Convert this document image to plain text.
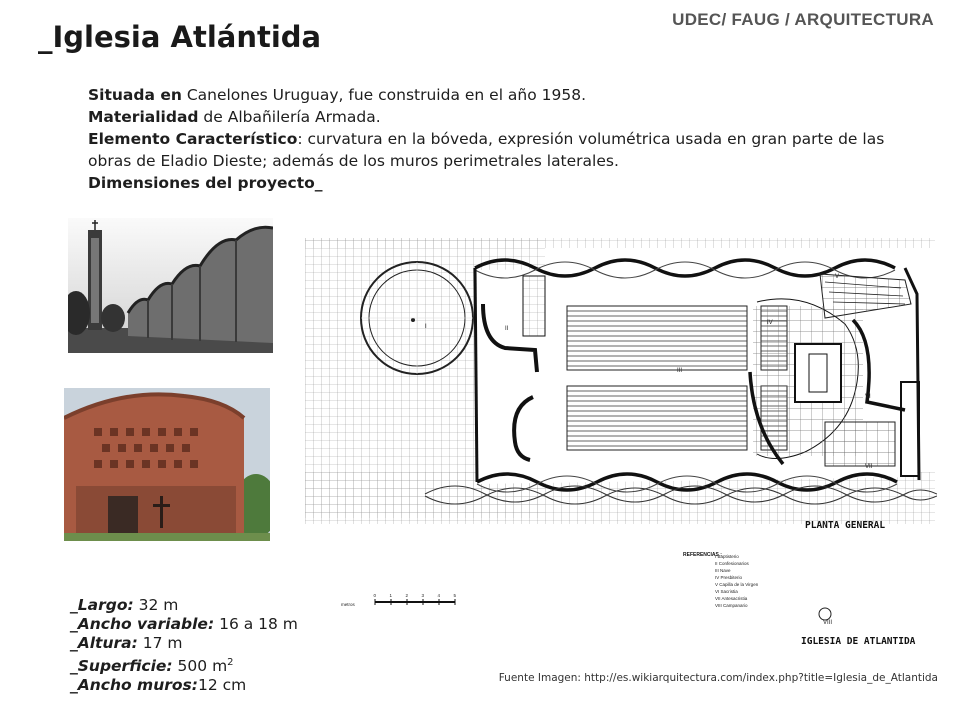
UDEC/ FAUG / ARQUITECTURA
_Iglesia Atlántida

Situada en Canelones Uruguay, fue construida en el año 1958.

Materialidad de Albañilería Armada.

Elemento Característico: curvatura en la bóveda, expresión volumétrica usada en gran parte de las obras de Eladio Dieste; además de los muros perimetrales laterales.

Dimensiones del proyecto_

I	II
III
IV
V
VI
VII
VIII
PLANTA GENERAL
IGLESIA DE ATLANTIDA
REFERENCIAS :
I Baptisterio
II Confesionarios
III Nave
IV Presbiterio
V Capilla de la Virgen
VI Sacristia
VII Antesacristia
VIII Campanario
metros
0	1	2	3	4	5
_Largo: 32 m
_Ancho variable: 16 a 18 m
_Altura: 17 m
_Superficie: 500 $m^2$
_Ancho muros:12 cm	Fuente Imagen: http://es.wikiarquitectura.com/index.php?title=Iglesia_de_Atlantida
